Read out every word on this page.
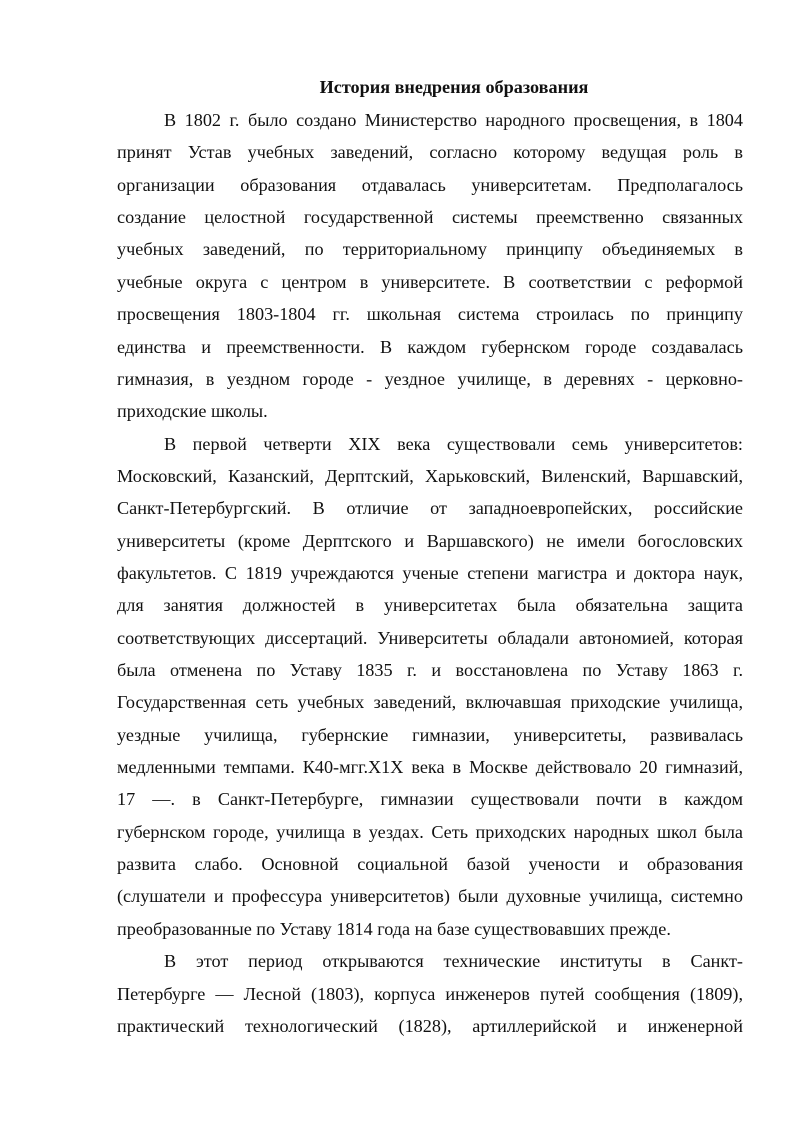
История внедрения образования
В 1802 г. было создано Министерство народного просвещения, в 1804
принят Устав учебных заведений, согласно которому ведущая роль в
организации образования отдавалась университетам. Предполагалось
создание целостной государственной системы преемственно связанных
учебных заведений, по территориальному принципу объединяемых в
учебные округа с центром в университете. В соответствии с реформой
просвещения 1803-1804 гг. школьная система строилась по принципу
единства и преемственности. В каждом губернском городе создавалась
гимназия, в уездном городе - уездное училище, в деревнях - церковно-
приходские школы.
В первой четверти XIX века существовали семь университетов:
Московский, Казанский, Дерптский, Харьковский, Виленский, Варшавский,
Санкт-Петербургский. В отличие от западноевропейских, российские
университеты (кроме Дерптского и Варшавского) не имели богословских
факультетов. С 1819 учреждаются ученые степени магистра и доктора наук,
для занятия должностей в университетах была обязательна защита
соответствующих диссертаций. Университеты обладали автономией, которая
была отменена по Уставу 1835 г. и восстановлена по Уставу 1863 г.
Государственная сеть учебных заведений, включавшая приходские училища,
уездные училища, губернские гимназии, университеты, развивалась
медленными темпами. К40-мгг.Х1Х века в Москве действовало 20 гимназий,
17 —. в Санкт-Петербурге, гимназии существовали почти в каждом
губернском городе, училища в уездах. Сеть приходских народных школ была
развита слабо. Основной социальной базой учености и образования
(слушатели и профессура университетов) были духовные училища, системно
преобразованные по Уставу 1814 года на базе существовавших прежде.
В этот период открываются технические институты в Санкт-
Петербурге — Лесной (1803), корпуса инженеров путей сообщения (1809),
практический технологический (1828), артиллерийской и инженерной
